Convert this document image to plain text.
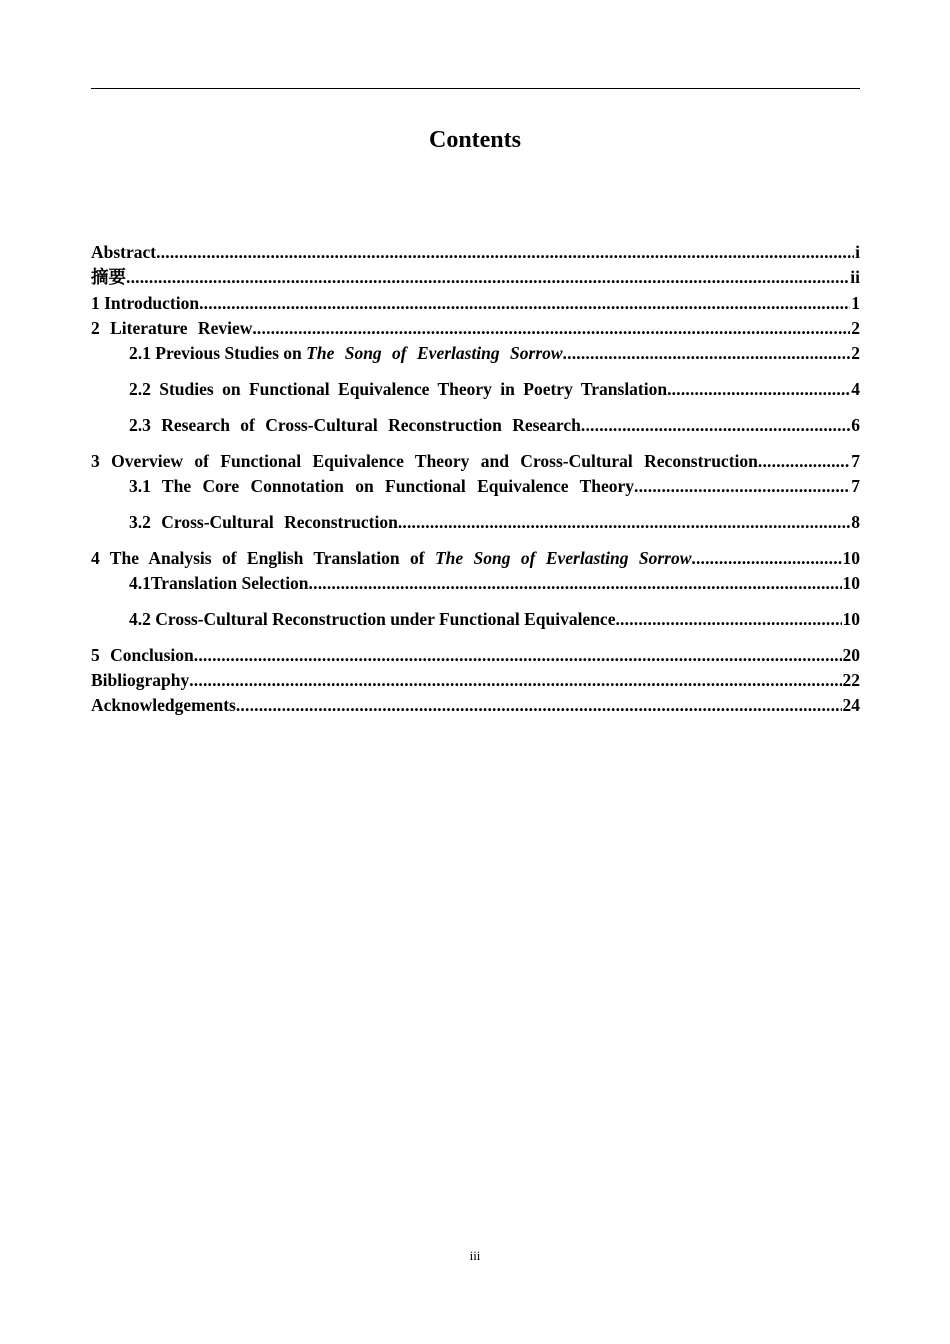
Contents
Abstract .....	i
摘要 .....	ii
1 Introduction .....	1
2 Literature Review .....	2
2.1 Previous Studies on The Song of Everlasting Sorrow .....	2
2.2 Studies on Functional Equivalence Theory in Poetry Translation .....	4
2.3 Research of Cross-Cultural Reconstruction Research .....	6
3 Overview of Functional Equivalence Theory and Cross-Cultural Reconstruction .....	7
3.1 The Core Connotation on Functional Equivalence Theory .....	7
3.2 Cross-Cultural Reconstruction .....	8
4 The Analysis of English Translation of The Song of Everlasting Sorrow .....	10
4.1Translation Selection .....	10
4.2 Cross-Cultural Reconstruction under Functional Equivalence .....	10
5 Conclusion .....	20
Bibliography .....	22
Acknowledgements .....	24
iii
